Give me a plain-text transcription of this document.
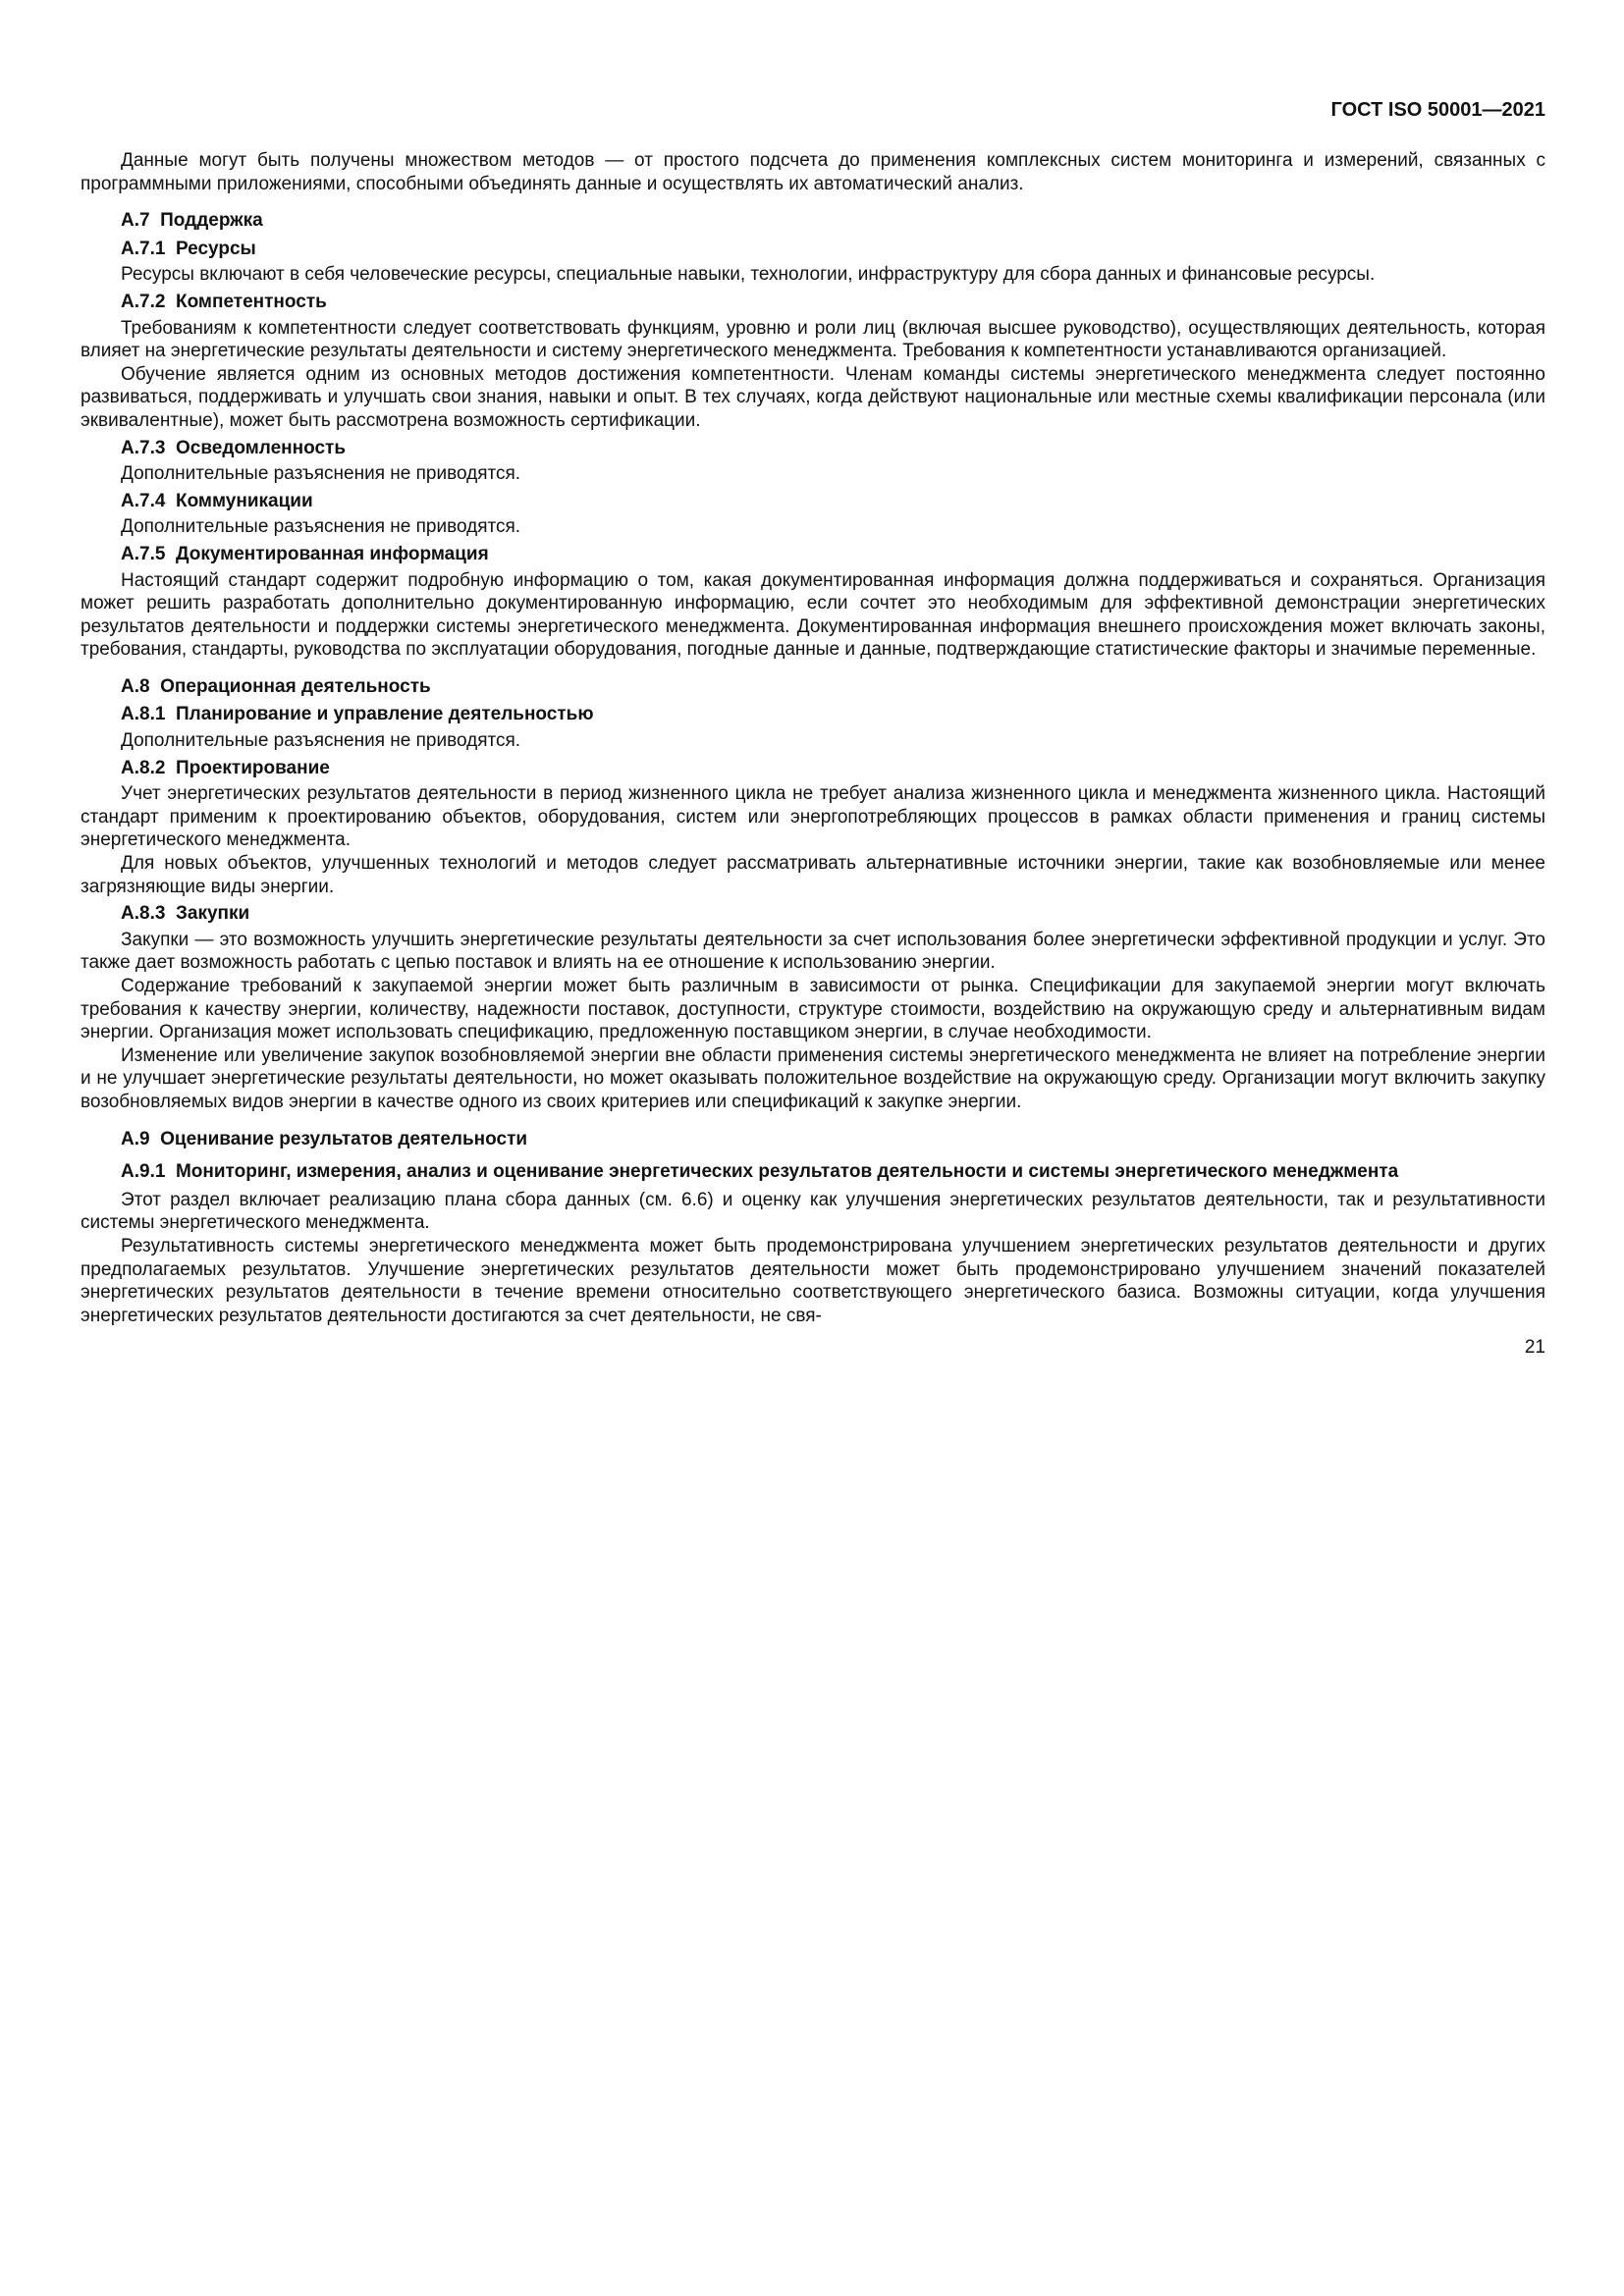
ГОСТ ISO 50001—2021

Данные могут быть получены множеством методов — от простого подсчета до применения комплексных систем мониторинга и измерений, связанных с программными приложениями, способными объединять данные и осуществлять их автоматический анализ.

А.7  Поддержка

А.7.1  Ресурсы

Ресурсы включают в себя человеческие ресурсы, специальные навыки, технологии, инфраструктуру для сбора данных и финансовые ресурсы.

А.7.2  Компетентность

Требованиям к компетентности следует соответствовать функциям, уровню и роли лиц (включая высшее руководство), осуществляющих деятельность, которая влияет на энергетические результаты деятельности и систему энергетического менеджмента. Требования к компетентности устанавливаются организацией.

Обучение является одним из основных методов достижения компетентности. Членам команды системы энергетического менеджмента следует постоянно развиваться, поддерживать и улучшать свои знания, навыки и опыт. В тех случаях, когда действуют национальные или местные схемы квалификации персонала (или эквивалентные), может быть рассмотрена возможность сертификации.

А.7.3  Осведомленность

Дополнительные разъяснения не приводятся.

А.7.4  Коммуникации

Дополнительные разъяснения не приводятся.

А.7.5  Документированная информация

Настоящий стандарт содержит подробную информацию о том, какая документированная информация должна поддерживаться и сохраняться. Организация может решить разработать дополнительно документированную информацию, если сочтет это необходимым для эффективной демонстрации энергетических результатов деятельности и поддержки системы энергетического менеджмента. Документированная информация внешнего происхождения может включать законы, требования, стандарты, руководства по эксплуатации оборудования, погодные данные и данные, подтверждающие статистические факторы и значимые переменные.

А.8  Операционная деятельность

А.8.1  Планирование и управление деятельностью

Дополнительные разъяснения не приводятся.

А.8.2  Проектирование

Учет энергетических результатов деятельности в период жизненного цикла не требует анализа жизненного цикла и менеджмента жизненного цикла. Настоящий стандарт применим к проектированию объектов, оборудования, систем или энергопотребляющих процессов в рамках области применения и границ системы энергетического менеджмента.

Для новых объектов, улучшенных технологий и методов следует рассматривать альтернативные источники энергии, такие как возобновляемые или менее загрязняющие виды энергии.

А.8.3  Закупки

Закупки — это возможность улучшить энергетические результаты деятельности за счет использования более энергетически эффективной продукции и услуг. Это также дает возможность работать с цепью поставок и влиять на ее отношение к использованию энергии.

Содержание требований к закупаемой энергии может быть различным в зависимости от рынка. Спецификации для закупаемой энергии могут включать требования к качеству энергии, количеству, надежности поставок, доступности, структуре стоимости, воздействию на окружающую среду и альтернативным видам энергии. Организация может использовать спецификацию, предложенную поставщиком энергии, в случае необходимости.

Изменение или увеличение закупок возобновляемой энергии вне области применения системы энергетического менеджмента не влияет на потребление энергии и не улучшает энергетические результаты деятельности, но может оказывать положительное воздействие на окружающую среду. Организации могут включить закупку возобновляемых видов энергии в качестве одного из своих критериев или спецификаций к закупке энергии.

А.9  Оценивание результатов деятельности

А.9.1  Мониторинг, измерения, анализ и оценивание энергетических результатов деятельности и системы энергетического менеджмента

Этот раздел включает реализацию плана сбора данных (см. 6.6) и оценку как улучшения энергетических результатов деятельности, так и результативности системы энергетического менеджмента.

Результативность системы энергетического менеджмента может быть продемонстрирована улучшением энергетических результатов деятельности и других предполагаемых результатов. Улучшение энергетических результатов деятельности может быть продемонстрировано улучшением значений показателей энергетических результатов деятельности в течение времени относительно соответствующего энергетического базиса. Возможны ситуации, когда улучшения энергетических результатов деятельности достигаются за счет деятельности, не свя-

21
